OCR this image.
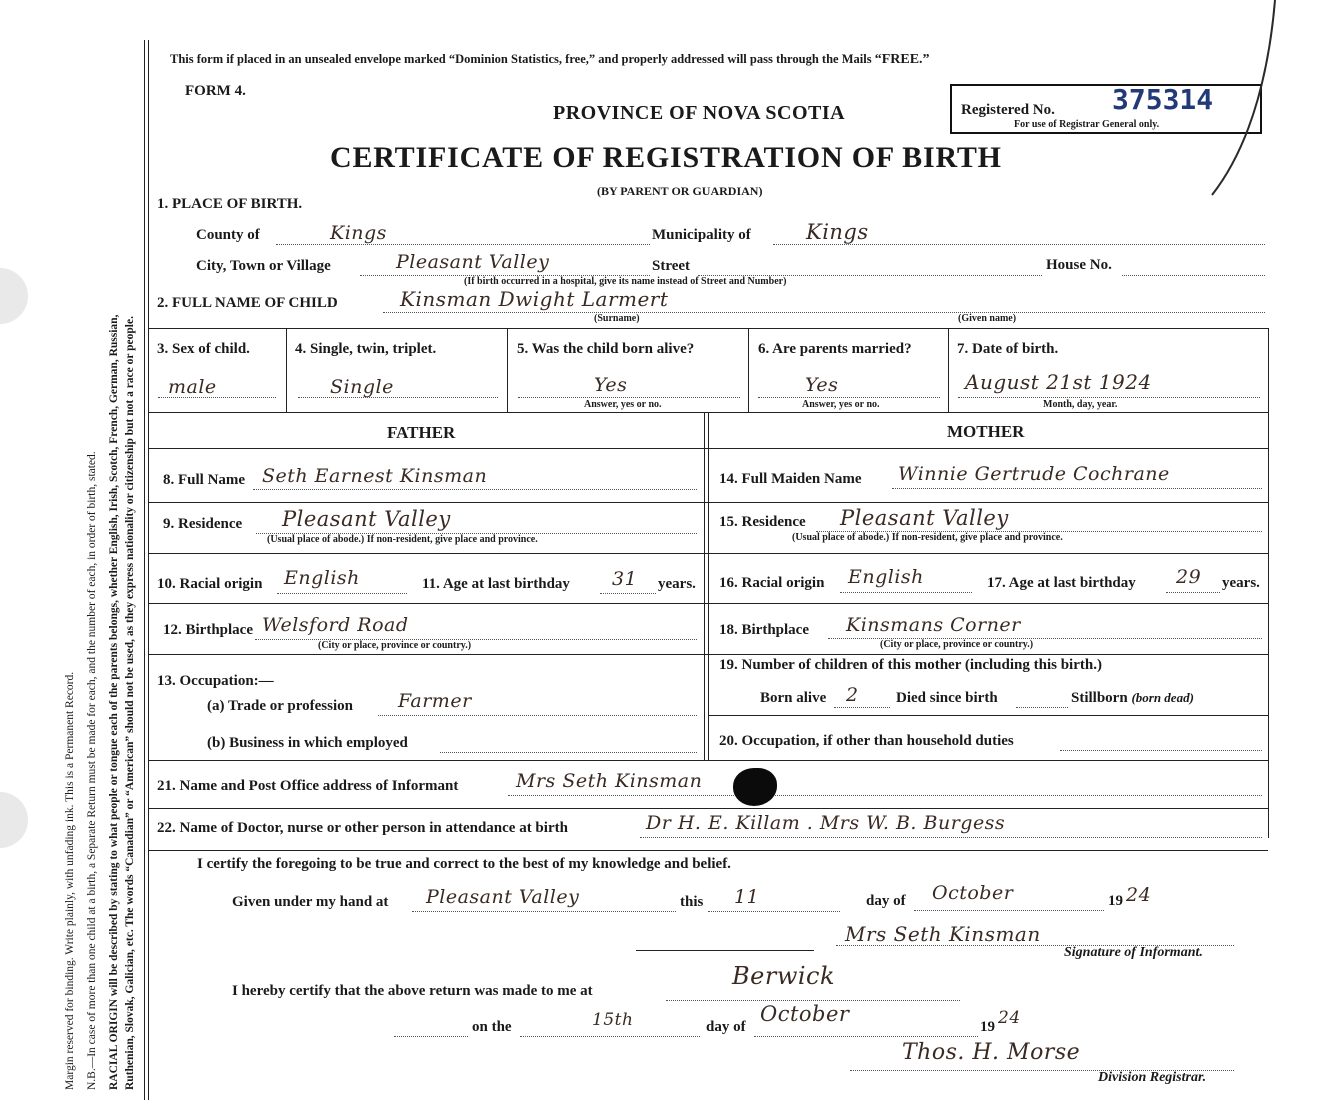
Margin reserved for binding. Write plainly, with unfading ink. This is a Permanent Record. N.B.—In case of more than one child at a birth, a Separate Return must be made for each, and the number of each, in order of birth, stated. RACIAL ORIGIN will be described by stating to what people or tongue each of the parents belongs, whether English, Irish, Scotch, French, German, Russian, Ruthenian, Slovak, Galician, etc. The words “Canadian” or “American” should not be used, as they express nationality or citizenship but not a race or people.
This form if placed in an unsealed envelope marked “Dominion Statistics, free,” and properly addressed will pass through the Mails “FREE.”
FORM 4.
PROVINCE OF NOVA SCOTIA
CERTIFICATE OF REGISTRATION OF BIRTH
(BY PARENT OR GUARDIAN)
Registered No. 375314
For use of Registrar General only.
1. PLACE OF BIRTH.
County of	Kings	Municipality of	Kings
City, Town or Village	Pleasant Valley	Street	House No.
(If birth occurred in a hospital, give its name instead of Street and Number)
2. FULL NAME OF CHILD	Kinsman Dwight Larmert
(Surname)	(Given name)
3. Sex of child.
male
4. Single, twin, triplet.
Single
5. Was the child born alive?
Yes
Answer, yes or no.
6. Are parents married?
Yes
Answer, yes or no.
7. Date of birth.
August 21st 1924
Month, day, year.
FATHER	MOTHER
8. Full Name Seth Earnest Kinsman
9. Residence Pleasant Valley
(Usual place of abode.) If non-resident, give place and province.
10. Racial origin English	11. Age at last birthday 31 years.
12. Birthplace Welsford Road
(City or place, province or country.)
13. Occupation:—
(a) Trade or profession Farmer
(b) Business in which employed
14. Full Maiden Name Winnie Gertrude Cochrane
15. Residence Pleasant Valley
(Usual place of abode.) If non-resident, give place and province.
16. Racial origin English	17. Age at last birthday 29 years.
18. Birthplace Kinsmans Corner
(City or place, province or country.)
19. Number of children of this mother (including this birth.)
Born alive 2 Died since birth	Stillborn (born dead)
20. Occupation, if other than household duties
21. Name and Post Office address of Informant	Mrs Seth Kinsman
22. Name of Doctor, nurse or other person in attendance at birth	Dr H. E. Killam . Mrs W. B. Burgess
I certify the foregoing to be true and correct to the best of my knowledge and belief.
Given under my hand at Pleasant Valley	this 11	day of October	19 24
Mrs Seth Kinsman
Signature of Informant.
I hereby certify that the above return was made to me at
Berwick
on the	15th	day of
October
19 24
Thos. H. Morse
Division Registrar.
